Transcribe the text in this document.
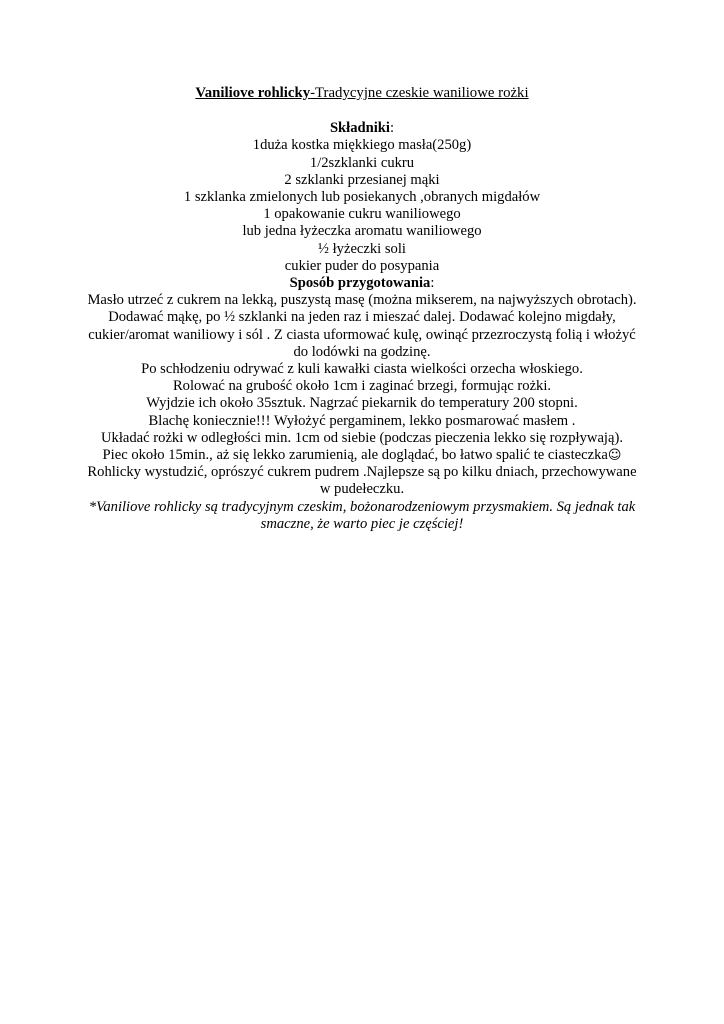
Vaniliove rohlicky-Tradycyjne czeskie waniliowe rożki

Składniki:

1duża kostka miękkiego masła(250g)

1/2szklanki cukru

2 szklanki przesianej mąki

1 szklanka zmielonych lub posiekanych ,obranych migdałów

1 opakowanie cukru waniliowego

lub jedna łyżeczka aromatu waniliowego

½ łyżeczki soli

cukier puder do posypania

Sposób przygotowania:

Masło utrzeć z cukrem na lekką, puszystą masę (można mikserem, na najwyższych obrotach).

Dodawać mąkę, po ½ szklanki na jeden raz i mieszać dalej. Dodawać kolejno migdały,

cukier/aromat waniliowy i sól . Z ciasta uformować kulę, owinąć przezroczystą folią i włożyć

do lodówki na godzinę.

Po schłodzeniu odrywać z kuli kawałki ciasta wielkości orzecha włoskiego.

Rolować na grubość około 1cm i zaginać brzegi, formując rożki.

Wyjdzie ich około 35sztuk. Nagrzać piekarnik do temperatury 200 stopni.

Blachę koniecznie!!! Wyłożyć pergaminem, lekko posmarować masłem .

Układać rożki w odległości min. 1cm od siebie (podczas pieczenia lekko się rozpływają).

Piec około 15min., aż się lekko zarumienią, ale doglądać, bo łatwo spalić te ciasteczka☺

Rohlicky wystudzić, oprószyć cukrem pudrem .Najlepsze są po kilku dniach, przechowywane

w pudełeczku.

*Vaniliove rohlicky są tradycyjnym czeskim, bożonarodzeniowym przysmakiem. Są jednak tak

smaczne, że warto piec je częściej!
